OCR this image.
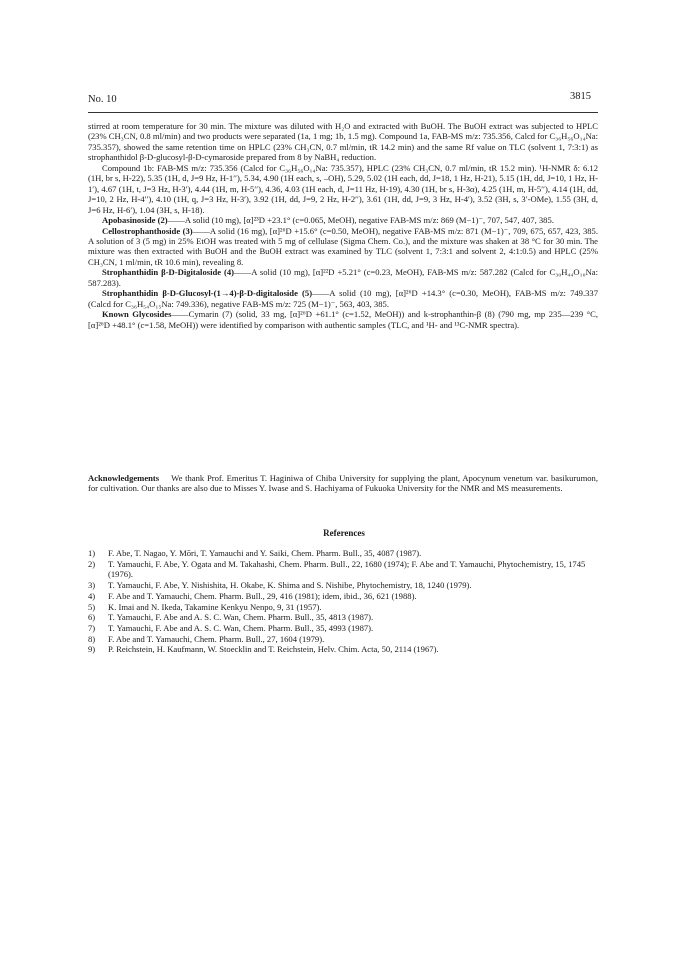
No. 10	3815

stirred at room temperature for 30 min. The mixture was diluted with H₂O and extracted with BuOH. The BuOH extract was subjected to HPLC (23% CH₃CN, 0.8 ml/min) and two products were separated (1a, 1 mg; 1b, 1.5 mg). Compound 1a, FAB-MS m/z: 735.356, Calcd for C₃₆H₅₆O₁₄Na: 735.357), showed the same retention time on HPLC (23% CH₃CN, 0.7 ml/min, tR 14.2 min) and the same Rf value on TLC (solvent 1, 7:3:1) as strophanthidol β-D-glucosyl-β-D-cymaroside prepared from 8 by NaBH₄ reduction.

Compound 1b: FAB-MS m/z: 735.356 (Calcd for C₃₆H₅₆O₁₄Na: 735.357), HPLC (23% CH₃CN, 0.7 ml/min, tR 15.2 min). ¹H-NMR δ: 6.12 (1H, br s, H-22), 5.35 (1H, d, J=9 Hz, H-1′′), 5.34, 4.90 (1H each, s, –OH), 5.29, 5.02 (1H each, dd, J=18, 1 Hz, H-21), 5.15 (1H, dd, J=10, 1 Hz, H-1′), 4.67 (1H, t, J=3 Hz, H-3′), 4.44 (1H, m, H-5′′), 4.36, 4.03 (1H each, d, J=11 Hz, H-19), 4.30 (1H, br s, H-3α), 4.25 (1H, m, H-5′′), 4.14 (1H, dd, J=10, 2 Hz, H-4′′), 4.10 (1H, q, J=3 Hz, H-3′), 3.92 (1H, dd, J=9, 2 Hz, H-2′′), 3.61 (1H, dd, J=9, 3 Hz, H-4′), 3.52 (3H, s, 3′-OMe), 1.55 (3H, d, J=6 Hz, H-6′), 1.04 (3H, s, H-18).

Apobasinoside (2)——A solid (10 mg), [α]²³D +23.1° (c=0.065, MeOH), negative FAB-MS m/z: 869 (M−1)⁻, 707, 547, 407, 385.

Cellostrophanthoside (3)——A solid (16 mg), [α]²⁶D +15.6° (c=0.50, MeOH), negative FAB-MS m/z: 871 (M−1)⁻, 709, 675, 657, 423, 385. A solution of 3 (5 mg) in 25% EtOH was treated with 5 mg of cellulase (Sigma Chem. Co.), and the mixture was shaken at 38 °C for 30 min. The mixture was then extracted with BuOH and the BuOH extract was examined by TLC (solvent 1, 7:3:1 and solvent 2, 4:1:0.5) and HPLC (25% CH₃CN, 1 ml/min, tR 10.6 min), revealing 8.

Strophanthidin β-D-Digitaloside (4)——A solid (10 mg), [α]²²D +5.21° (c=0.23, MeOH), FAB-MS m/z: 587.282 (Calcd for C₃₀H₄₄O₁₀Na: 587.283).

Strophanthidin β-D-Glucosyl-(1→4)-β-D-digitaloside (5)——A solid (10 mg), [α]²⁶D +14.3° (c=0.30, MeOH), FAB-MS m/z: 749.337 (Calcd for C₃₆H₅₄O₁₅Na: 749.336), negative FAB-MS m/z: 725 (M−1)⁻, 563, 403, 385.

Known Glycosides——Cymarin (7) (solid, 33 mg, [α]²⁶D +61.1° (c=1.52, MeOH)) and k-strophanthin-β (8) (790 mg, mp 235—239 °C, [α]²⁶D +48.1° (c=1.58, MeOH)) were identified by comparison with authentic samples (TLC, and ¹H- and ¹³C-NMR spectra).

Acknowledgements We thank Prof. Emeritus T. Haginiwa of Chiba University for supplying the plant, Apocynum venetum var. basikurumon, for cultivation. Our thanks are also due to Misses Y. Iwase and S. Hachiyama of Fukuoka University for the NMR and MS measurements.
References
1)	F. Abe, T. Nagao, Y. Mōri, T. Yamauchi and Y. Saiki, Chem. Pharm. Bull., 35, 4087 (1987).
2)	T. Yamauchi, F. Abe, Y. Ogata and M. Takahashi, Chem. Pharm. Bull., 22, 1680 (1974); F. Abe and T. Yamauchi, Phytochemistry, 15, 1745 (1976).
3)	T. Yamauchi, F. Abe, Y. Nishishita, H. Okabe, K. Shima and S. Nishibe, Phytochemistry, 18, 1240 (1979).
4)	F. Abe and T. Yamauchi, Chem. Pharm. Bull., 29, 416 (1981); idem, ibid., 36, 621 (1988).
5)	K. Imai and N. Ikeda, Takamine Kenkyu Nenpo, 9, 31 (1957).
6)	T. Yamauchi, F. Abe and A. S. C. Wan, Chem. Pharm. Bull., 35, 4813 (1987).
7)	T. Yamauchi, F. Abe and A. S. C. Wan, Chem. Pharm. Bull., 35, 4993 (1987).
8)	F. Abe and T. Yamauchi, Chem. Pharm. Bull., 27, 1604 (1979).
9)	P. Reichstein, H. Kaufmann, W. Stoecklin and T. Reichstein, Helv. Chim. Acta, 50, 2114 (1967).
